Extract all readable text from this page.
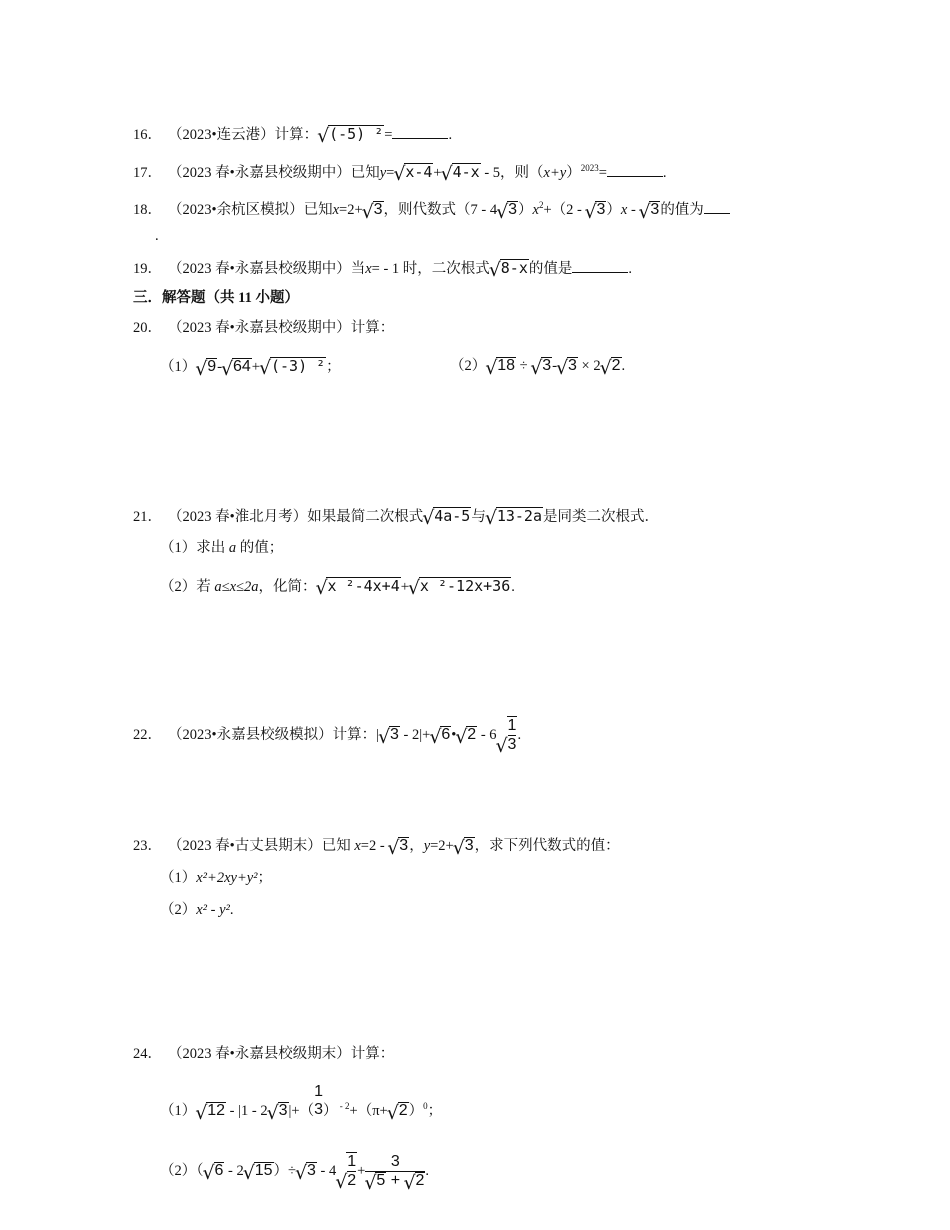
16． （2023•连云港）计算： √ (-5) ²=	.
17． （2023 春•永嘉县校级期中）已知y= √ x-4+ √ 4-x - 5，则$(x+y)^{2023}=$	.
18． （2023•余杭区模拟）已知x=2+ √ 3，则代数式（7 - 4 √ $3)x^2+(2$ - √ 3）x - √ 3的值为
.
19． （2023 春•永嘉县校级期中）当x= - 1 时，二次根式 √ 8-x的值是	.
三．解答题（共 11 小题）
20． （2023 春•永嘉县校级期中）计算：
（1） √ 9- √ 64+ √ (-3) ²；	（2） √ 18 ÷ √ 3- √ 3 × 2 √ 2.
21． （2023 春•淮北月考）如果最简二次根式 √ 4a-5与 √ 13-2a是同类二次根式．
（1）求出 a 的值；
（2）若 a≤x≤2a，化简： √ x ²-4x+4+ √ x ²-12x+36.
22． （2023•永嘉县校级模拟）计算：| √ 3 - 2|+ √ 6• √ 2 - 6 √ $\frac{1}{3}$ .
23． （2023 春•古丈县期末）已知 x=2 - √ 3，y=2+ √ 3，求下列代数式的值：
（1）x²+2xy+y²；
（2）x² - y².
24． （2023 春•永嘉县校级期末）计算：
（1） √ 12 - |1 - 2 √ 3|+（
1
3 ） $^{- 2}$+（π+ √ 2）$^0$；
（2）（ √ 6 - 2 √ 15）÷ √ 3 - 4 √ $\frac{1}{2} + 3$
√ 5 + √ 2 .
